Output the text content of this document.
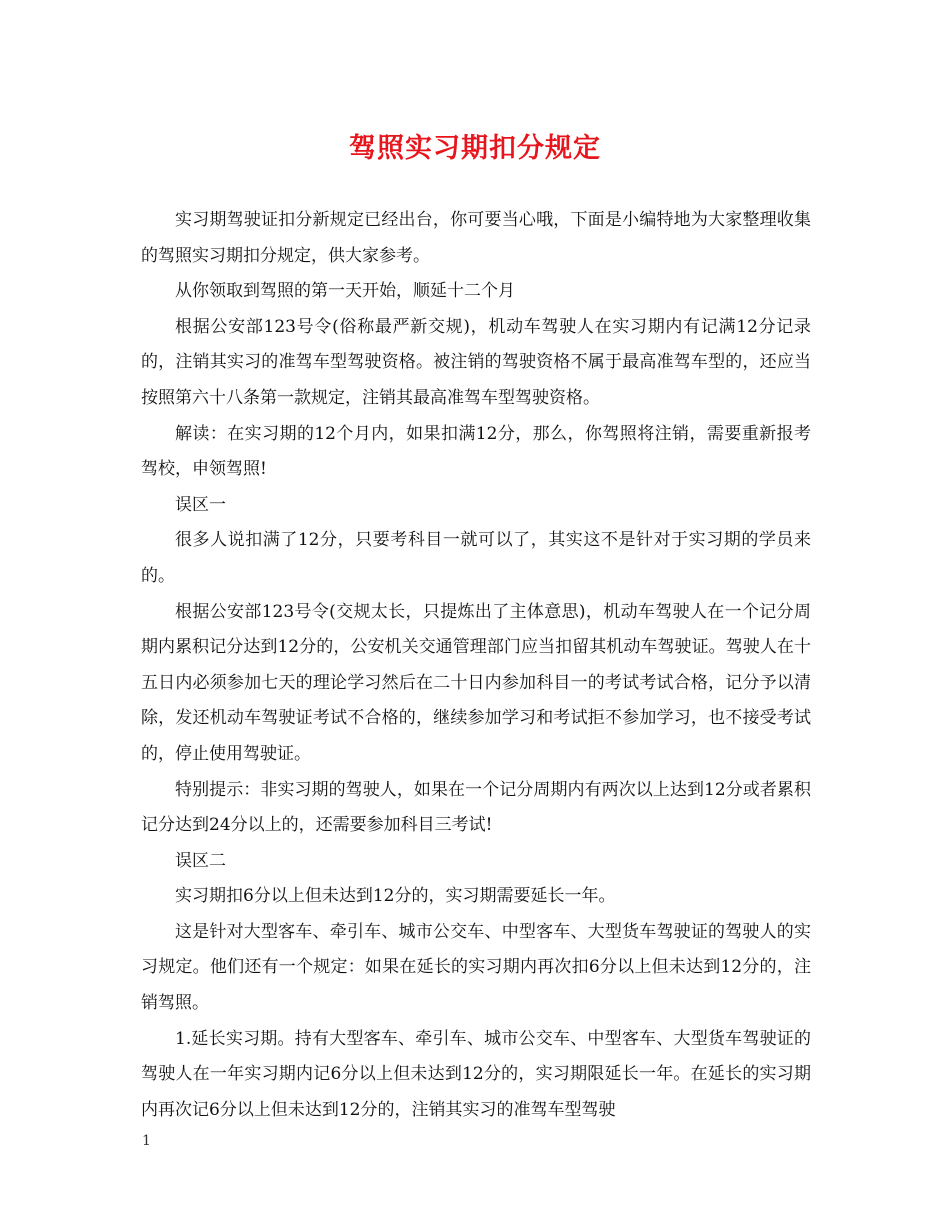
驾照实习期扣分规定

实习期驾驶证扣分新规定已经出台，你可要当心哦，下面是小编特地为大家整理收集的驾照实习期扣分规定，供大家参考。

从你领取到驾照的第一天开始，顺延十二个月

根据公安部123号令(俗称最严新交规)，机动车驾驶人在实习期内有记满12分记录的，注销其实习的准驾车型驾驶资格。被注销的驾驶资格不属于最高准驾车型的，还应当按照第六十八条第一款规定，注销其最高准驾车型驾驶资格。

解读：在实习期的12个月内，如果扣满12分，那么，你驾照将注销，需要重新报考驾校，申领驾照!

误区一

很多人说扣满了12分，只要考科目一就可以了，其实这不是针对于实习期的学员来的。

根据公安部123号令(交规太长，只提炼出了主体意思)，机动车驾驶人在一个记分周期内累积记分达到12分的，公安机关交通管理部门应当扣留其机动车驾驶证。驾驶人在十五日内必须参加七天的理论学习然后在二十日内参加科目一的考试考试合格，记分予以清除，发还机动车驾驶证考试不合格的，继续参加学习和考试拒不参加学习，也不接受考试的，停止使用驾驶证。

特别提示：非实习期的驾驶人，如果在一个记分周期内有两次以上达到12分或者累积记分达到24分以上的，还需要参加科目三考试!

误区二

实习期扣6分以上但未达到12分的，实习期需要延长一年。

这是针对大型客车、牵引车、城市公交车、中型客车、大型货车驾驶证的驾驶人的实习规定。他们还有一个规定：如果在延长的实习期内再次扣6分以上但未达到12分的，注销驾照。

1.延长实习期。持有大型客车、牵引车、城市公交车、中型客车、大型货车驾驶证的驾驶人在一年实习期内记6分以上但未达到12分的，实习期限延长一年。在延长的实习期内再次记6分以上但未达到12分的，注销其实习的准驾车型驾驶

1
